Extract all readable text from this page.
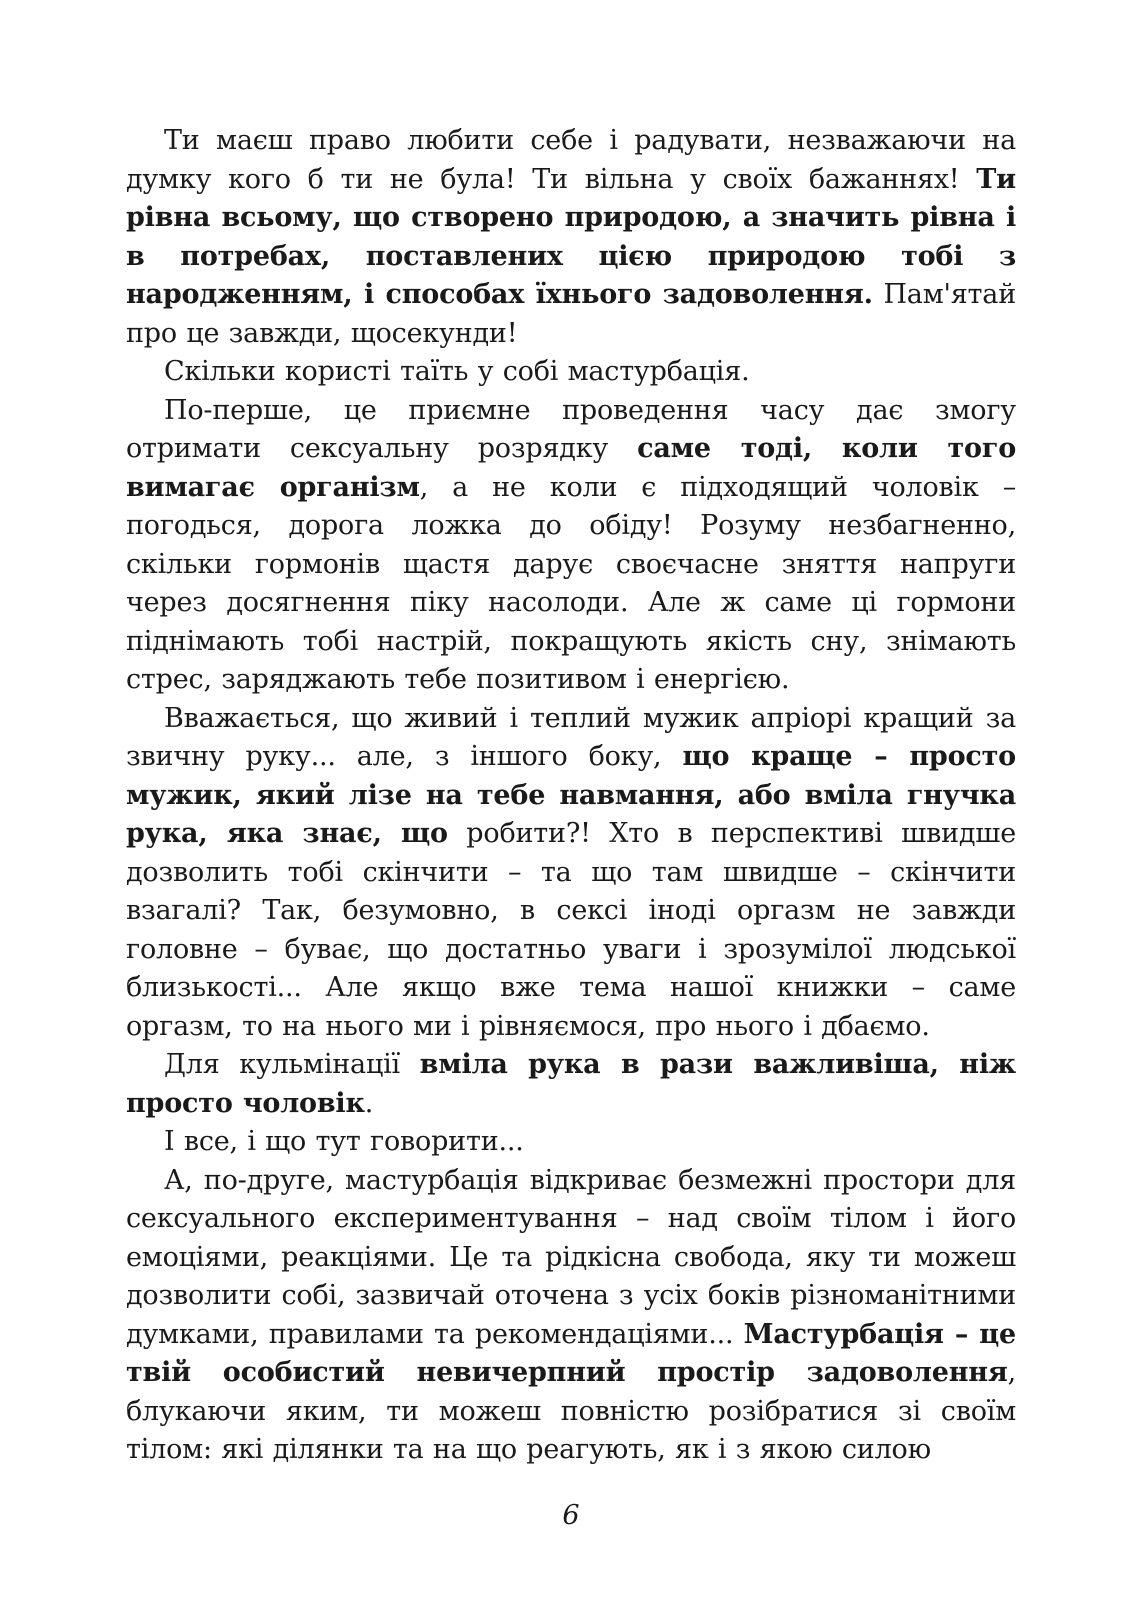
Ти маєш право любити себе і радувати, незважаючи на думку кого б ти не була! Ти вільна у своїх бажаннях! Ти рівна всьому, що створено природою, а значить рівна і в потребах, поставлених цією природою тобі з народженням, і способах їхнього задоволення. Пам'ятай про це завжди, щосекунди!

Скільки користі таїть у собі мастурбація.

По-перше, це приємне проведення часу дає змогу отримати сексуальну розрядку саме тоді, коли того вимагає організм, а не коли є підходящий чоловік – погодься, дорога ложка до обіду! Розуму незбагненно, скільки гормонів щастя дарує своєчасне зняття напруги через досягнення піку насолоди. Але ж саме ці гормони піднімають тобі настрій, покращують якість сну, знімають стрес, заряджають тебе позитивом і енергією.

Вважається, що живий і теплий мужик апріорі кращий за звичну руку... але, з іншого боку, що краще – просто мужик, який лізе на тебе навмання, або вміла гнучка рука, яка знає, що робити?! Хто в перспективі швидше дозволить тобі скінчити – та що там швидше – скінчити взагалі? Так, безумовно, в сексі іноді оргазм не завжди головне – буває, що достатньо уваги і зрозумілої людської близькості... Але якщо вже тема нашої книжки – саме оргазм, то на нього ми і рівняємося, про нього і дбаємо.

Для кульмінації вміла рука в рази важливіша, ніж просто чоловік.

І все, і що тут говорити...

А, по-друге, мастурбація відкриває безмежні простори для сексуального експериментування – над своїм тілом і його емоціями, реакціями. Це та рідкісна свобода, яку ти можеш дозволити собі, зазвичай оточена з усіх боків різноманітними думками, правилами та рекомендаціями... Мастурбація – це твій особистий невичерпний простір задоволення, блукаючи яким, ти можеш повністю розібратися зі своїм тілом: які ділянки та на що реагують, як і з якою силою

6
